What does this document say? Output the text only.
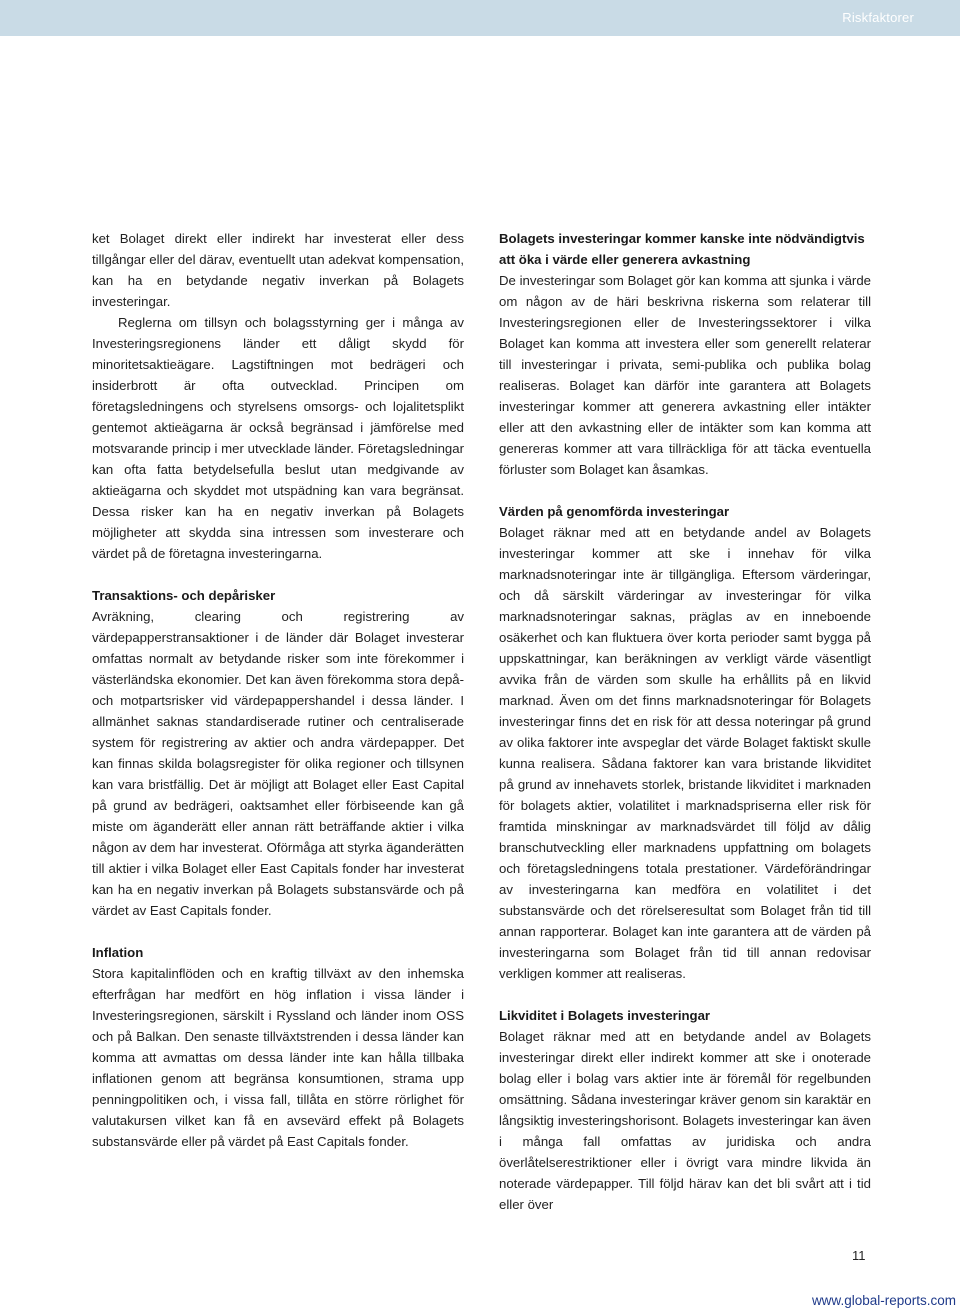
Riskfaktorer

ket Bolaget direkt eller indirekt har investerat eller dess tillgångar eller del därav, eventuellt utan adekvat kompensation, kan ha en betydande negativ inverkan på Bolagets investeringar.

Reglerna om tillsyn och bolagsstyrning ger i många av Investeringsregionens länder ett dåligt skydd för minoritetsaktieägare. Lagstiftningen mot bedrägeri och insiderbrott är ofta outvecklad. Principen om företagsledningens och styrelsens omsorgs- och lojalitetsplikt gentemot aktieägarna är också begränsad i jämförelse med motsvarande princip i mer utvecklade länder. Företagsledningar kan ofta fatta betydelsefulla beslut utan medgivande av aktieägarna och skyddet mot utspädning kan vara begränsat. Dessa risker kan ha en negativ inverkan på Bolagets möjligheter att skydda sina intressen som investerare och värdet på de företagna investeringarna.

Transaktions- och depårisker

Avräkning, clearing och registrering av värdepapperstransaktioner i de länder där Bolaget investerar omfattas normalt av betydande risker som inte förekommer i västerländska ekonomier. Det kan även förekomma stora depå- och motpartsrisker vid värdepappershandel i dessa länder. I allmänhet saknas standardiserade rutiner och centraliserade system för registrering av aktier och andra värdepapper. Det kan finnas skilda bolagsregister för olika regioner och tillsynen kan vara bristfällig. Det är möjligt att Bolaget eller East Capital på grund av bedrägeri, oaktsamhet eller förbiseende kan gå miste om äganderätt eller annan rätt beträffande aktier i vilka någon av dem har investerat. Oförmåga att styrka äganderätten till aktier i vilka Bolaget eller East Capitals fonder har investerat kan ha en negativ inverkan på Bolagets substansvärde och på värdet av East Capitals fonder.

Inflation

Stora kapitalinflöden och en kraftig tillväxt av den inhemska efterfrågan har medfört en hög inflation i vissa länder i Investeringsregionen, särskilt i Ryssland och länder inom OSS och på Balkan. Den senaste tillväxtstrenden i dessa länder kan komma att avmattas om dessa länder inte kan hålla tillbaka inflationen genom att begränsa konsumtionen, strama upp penningpolitiken och, i vissa fall, tillåta en större rörlighet för valutakursen vilket kan få en avsevärd effekt på Bolagets substansvärde eller på värdet på East Capitals fonder.

Bolagets investeringar kommer kanske inte nödvändigtvis att öka i värde eller generera avkastning

De investeringar som Bolaget gör kan komma att sjunka i värde om någon av de häri beskrivna riskerna som relaterar till Investeringsregionen eller de Investeringssektorer i vilka Bolaget kan komma att investera eller som generellt relaterar till investeringar i privata, semi-publika och publika bolag realiseras. Bolaget kan därför inte garantera att Bolagets investeringar kommer att generera avkastning eller intäkter eller att den avkastning eller de intäkter som kan komma att genereras kommer att vara tillräckliga för att täcka eventuella förluster som Bolaget kan åsamkas.

Värden på genomförda investeringar

Bolaget räknar med att en betydande andel av Bolagets investeringar kommer att ske i innehav för vilka marknadsnoteringar inte är tillgängliga. Eftersom värderingar, och då särskilt värderingar av investeringar för vilka marknadsnoteringar saknas, präglas av en inneboende osäkerhet och kan fluktuera över korta perioder samt bygga på uppskattningar, kan beräkningen av verkligt värde väsentligt avvika från de värden som skulle ha erhållits på en likvid marknad. Även om det finns marknadsnoteringar för Bolagets investeringar finns det en risk för att dessa noteringar på grund av olika faktorer inte avspeglar det värde Bolaget faktiskt skulle kunna realisera. Sådana faktorer kan vara bristande likviditet på grund av innehavets storlek, bristande likviditet i marknaden för bolagets aktier, volatilitet i marknadspriserna eller risk för framtida minskningar av marknadsvärdet till följd av dålig branschutveckling eller marknadens uppfattning om bolagets och företagsledningens totala prestationer. Värdeförändringar av investeringarna kan medföra en volatilitet i det substansvärde och det rörelseresultat som Bolaget från tid till annan rapporterar. Bolaget kan inte garantera att de värden på investeringarna som Bolaget från tid till annan redovisar verkligen kommer att realiseras.

Likviditet i Bolagets investeringar

Bolaget räknar med att en betydande andel av Bolagets investeringar direkt eller indirekt kommer att ske i onoterade bolag eller i bolag vars aktier inte är föremål för regelbunden omsättning. Sådana investeringar kräver genom sin karaktär en långsiktig investeringshorisont. Bolagets investeringar kan även i många fall omfattas av juridiska och andra överlåtelserestriktioner eller i övrigt vara mindre likvida än noterade värdepapper. Till följd härav kan det bli svårt att i tid eller över

11
www.global-reports.com
